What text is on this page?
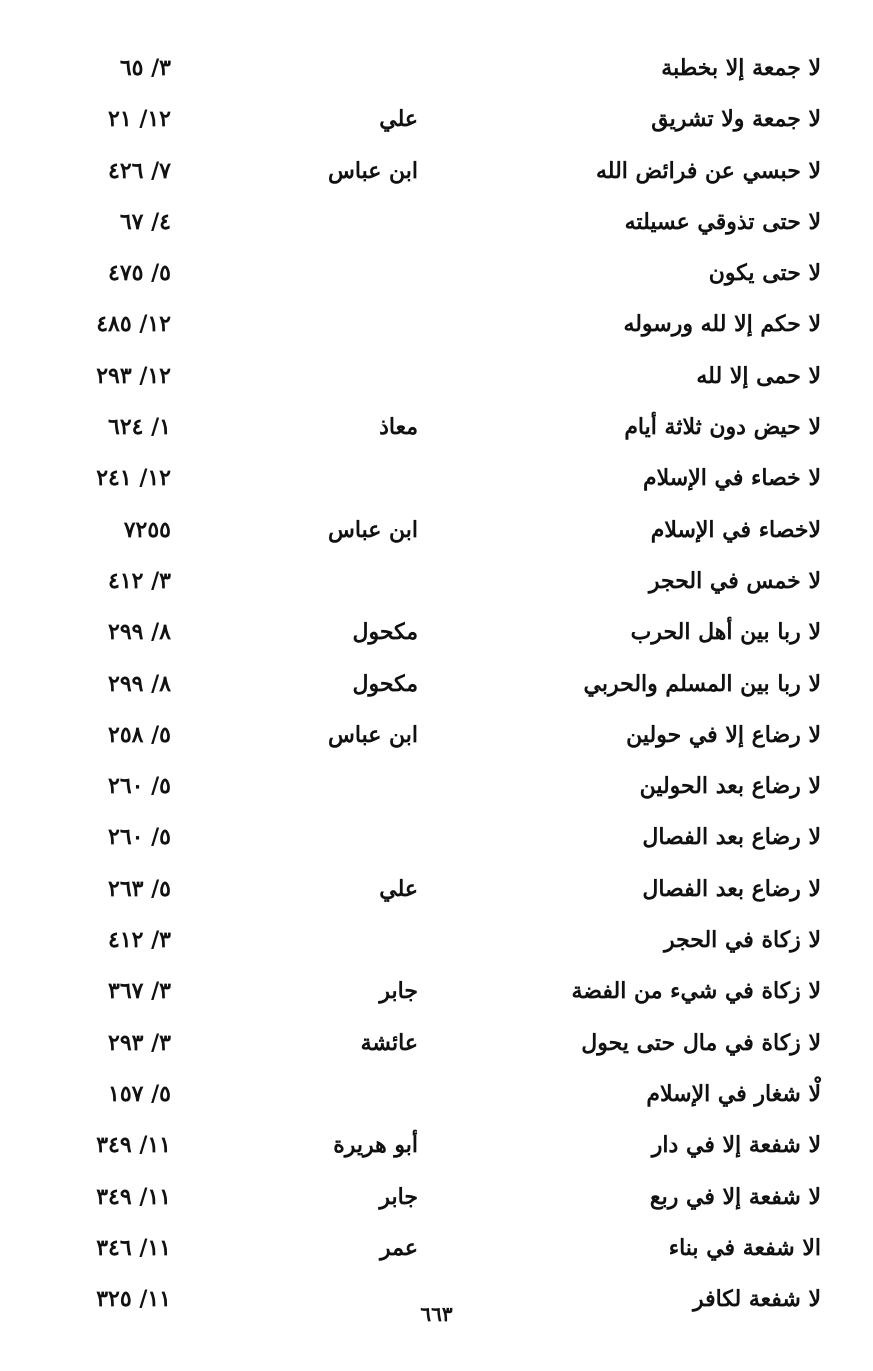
لا جمعة إلا بخطبة
٣/ ٦٥
لا جمعة ولا تشريق
علي
١٢/ ٢١
لا حبسي عن فرائض الله
ابن عباس
٧/ ٤٢٦
لا حتى تذوقي عسيلته
٤/ ٦٧
لا حتى يكون
٥/ ٤٧٥
لا حكم إلا لله ورسوله
١٢/ ٤٨٥
لا حمى إلا لله
١٢/ ٢٩٣
لا حيض دون ثلاثة أيام
معاذ
١/ ٦٢٤
لا خصاء في الإسلام
١٢/ ٢٤١
لاخصاء في الإسلام
ابن عباس
٧٢٥٥
لا خمس في الحجر
٣/ ٤١٢
لا ربا بين أهل الحرب
مكحول
٨/ ٢٩٩
لا ربا بين المسلم والحربي
مكحول
٨/ ٢٩٩
لا رضاع إلا في حولين
ابن عباس
٥/ ٢٥٨
لا رضاع بعد الحولين
٥/ ٢٦٠
لا رضاع بعد الفصال
٥/ ٢٦٠
لا رضاع بعد الفصال
علي
٥/ ٢٦٣
لا زكاة في الحجر
٣/ ٤١٢
لا زكاة في شيء من الفضة
جابر
٣/ ٣٦٧
لا زكاة في مال حتى يحول
عائشة
٣/ ٢٩٣
لْا شغار في الإسلام
٥/ ١٥٧
لا شفعة إلا في دار
أبو هريرة
١١/ ٣٤٩
لا شفعة إلا في ربع
جابر
١١/ ٣٤٩
الا شفعة في بناء
عمر
١١/ ٣٤٦
لا شفعة لكافر
١١/ ٣٢٥
٦٦٣
